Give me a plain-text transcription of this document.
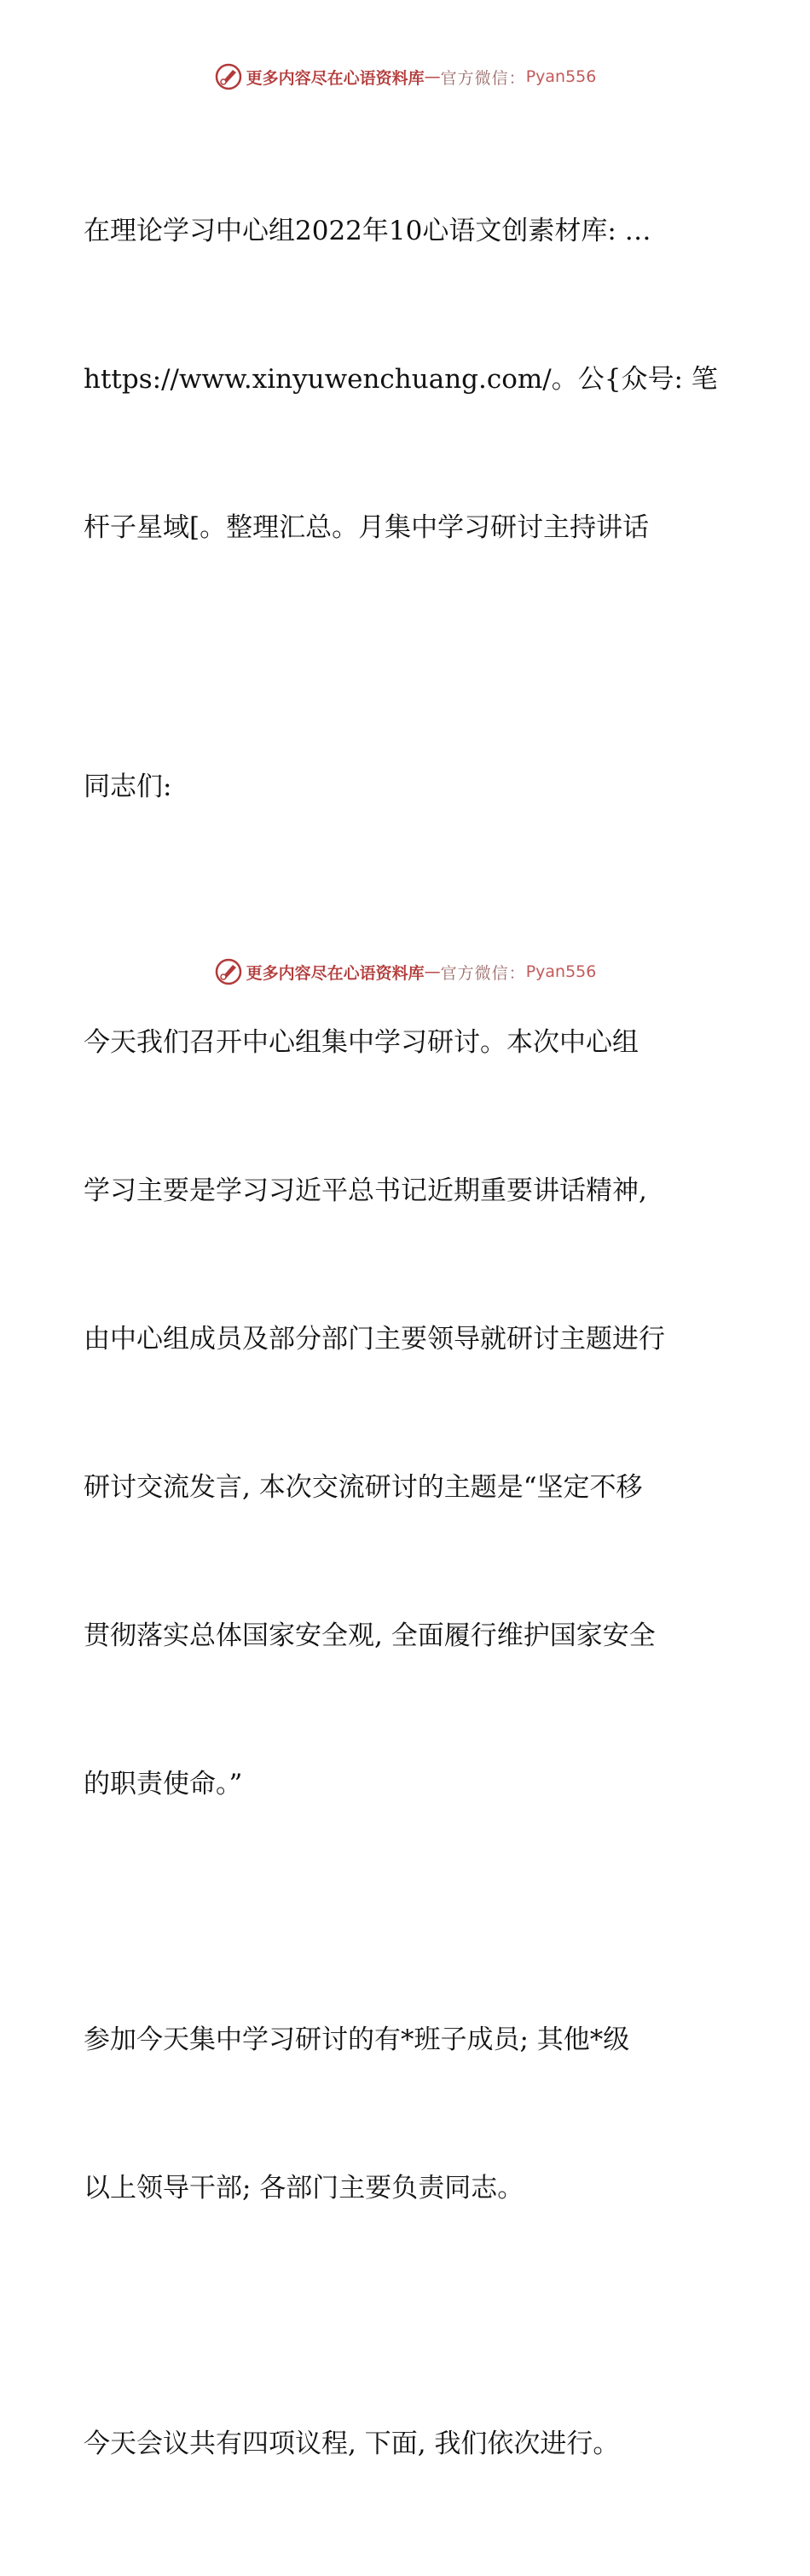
更多内容尽在心语资料库 — 官方微信： Pyan556

在理论学习中心组2022年10心语文创素材库: …

https://www.xinyuwenchuang.com/。公{众号: 笔

杆子星域[。整理汇总。月集中学习研讨主持讲话

同志们:

今天我们召开中心组集中学习研讨。本次中心组

学习主要是学习习近平总书记近期重要讲话精神,

由中心组成员及部分部门主要领导就研讨主题进行

研讨交流发言, 本次交流研讨的主题是“坚定不移

贯彻落实总体国家安全观, 全面履行维护国家安全

的职责使命。”

参加今天集中学习研讨的有*班子成员; 其他*级

以上领导干部; 各部门主要负责同志。

今天会议共有四项议程, 下面, 我们依次进行。

更多内容尽在心语资料库 — 官方微信： Pyan556
